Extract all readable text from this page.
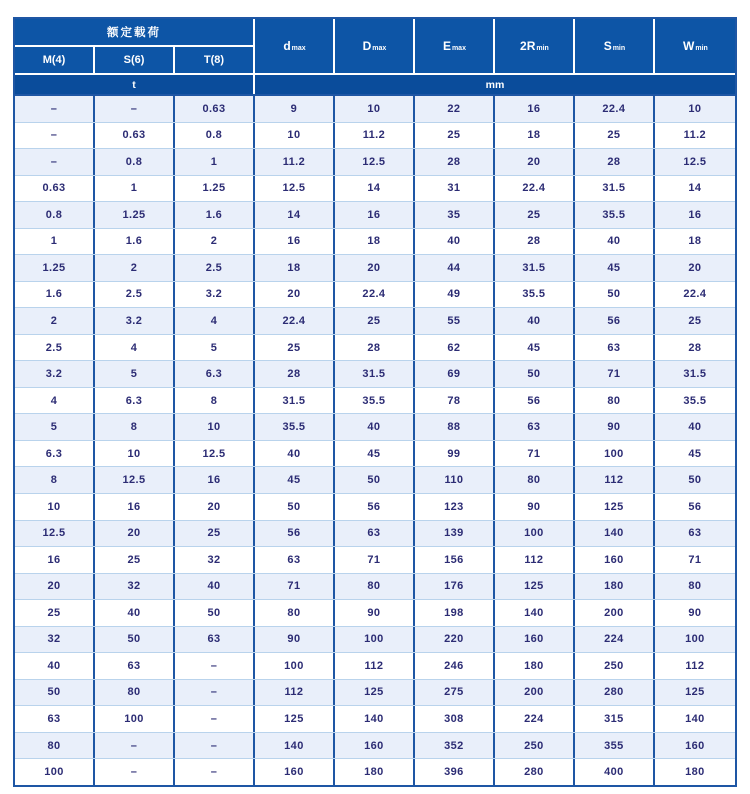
额定载荷
M(4)	S(6)	T(8)
$d_{max}$	$D_{max}$	$E_{max}$	$2R_{min}$	$S_{min}$	$W_{min}$
t	mm
–	–	0.63	9	10	22	16	22.4	10
–	0.63	0.8	10	11.2	25	18	25	11.2
–	0.8	1	11.2	12.5	28	20	28	12.5
0.63	1	1.25	12.5	14	31	22.4	31.5	14
0.8	1.25	1.6	14	16	35	25	35.5	16
1	1.6	2	16	18	40	28	40	18
1.25	2	2.5	18	20	44	31.5	45	20
1.6	2.5	3.2	20	22.4	49	35.5	50	22.4
2	3.2	4	22.4	25	55	40	56	25
2.5	4	5	25	28	62	45	63	28
3.2	5	6.3	28	31.5	69	50	71	31.5
4	6.3	8	31.5	35.5	78	56	80	35.5
5	8	10	35.5	40	88	63	90	40
6.3	10	12.5	40	45	99	71	100	45
8	12.5	16	45	50	110	80	112	50
10	16	20	50	56	123	90	125	56
12.5	20	25	56	63	139	100	140	63
16	25	32	63	71	156	112	160	71
20	32	40	71	80	176	125	180	80
25	40	50	80	90	198	140	200	90
32	50	63	90	100	220	160	224	100
40	63	–	100	112	246	180	250	112
50	80	–	112	125	275	200	280	125
63	100	–	125	140	308	224	315	140
80	–	–	140	160	352	250	355	160
100	–	–	160	180	396	280	400	180
